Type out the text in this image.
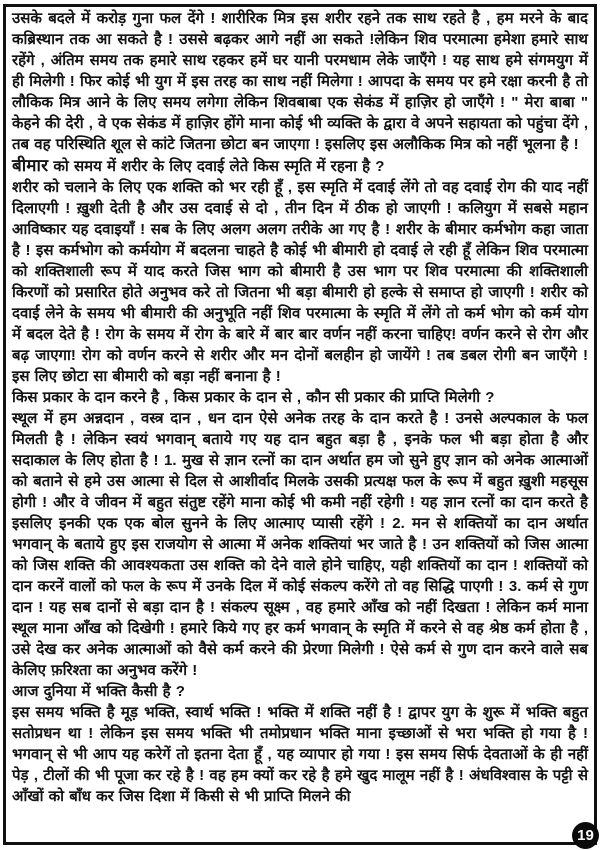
उसके बदले में करोड़ गुना फल देंगे ! शारीरिक मित्र इस शरीर रहने तक साथ रहते है , हम मरने के बाद कब्रिस्थान तक आ सकते है ! उससे बढ़कर आगे नहीं आ सकते !लेकिन शिव परमात्मा हमेशा हमारे साथ रहेंगे , अंतिम समय तक हमारे साथ रहकर हमें घर यानी परमधाम लेके जाएँगे ! यह साथ हमे संगमयुग में ही मिलेगी ! फिर कोई भी युग में इस तरह का साथ नहीं मिलेगा ! आपदा के समय पर हमे रक्षा करनी है तो लौकिक मित्र आने के लिए समय लगेगा लेकिन शिवबाबा एक सेकंड में हाज़िर हो जाएँगे ! " मेरा बाबा " केहने की देरी , वे एक सेकंड में हाज़िर होंगे माना कोई भी व्यक्ति के द्वारा वे अपने सहायता को पहुंचा देंगे , तब वह परिस्थिति शूल से कांटे जितना छोटा बन जाएगा ! इसलिए इस अलौकिक मित्र को नहीं भूलना है !

बीमार को समय में शरीर के लिए दवाई लेते किस स्मृति में रहना है ?

शरीर को चलाने के लिए एक शक्ति को भर रही हूँ , इस स्मृति में दवाई लेंगे तो वह दवाई रोग की याद नहीं दिलाएगी ! ख़ुशी देती है और उस दवाई से दो , तीन दिन में ठीक हो जाएगी ! कलियुग में सबसे महान आविष्कार यह दवाइयाँ ! सब के लिए अलग अलग तरीके आ गए है ! शरीर के बीमार कर्मभोग कहा जाता है ! इस कर्मभोग को कर्मयोग में बदलना चाहते है कोई भी बीमारी हो दवाई ले रही हूँ लेकिन शिव परमात्मा को शक्तिशाली रूप में याद करते जिस भाग को बीमारी है उस भाग पर शिव परमात्मा की शक्तिशाली किरणों को प्रसारित होते अनुभव करे तो जितना भी बड़ा बीमारी हो हल्के से समाप्त हो जाएगी ! शरीर को दवाई लेने के समय भी बीमारी की अनुभूति नहीं शिव परमात्मा के स्मृति में लेंगे तो कर्म भोग को कर्म योग में बदल देते है ! रोग के समय में रोग के बारे में बार बार वर्णन नहीं करना चाहिए! वर्णन करने से रोग और बढ़ जाएगा! रोग को वर्णन करने से शरीर और मन दोनों बलहीन हो जायेंगे ! तब डबल रोगी बन जाएँगे ! इस लिए छोटा सा बीमारी को बड़ा नहीं बनाना है !

किस प्रकार के दान करने है , किस प्रकार के दान से , कौन सी प्रकार की प्राप्ति मिलेगी ?

स्थूल में हम अन्नदान , वस्त्र दान , धन दान ऐसे अनेक तरह के दान करते है ! उनसे अल्पकाल के फल मिलती है ! लेकिन स्वयं भगवान् बताये गए यह दान बहुत बड़ा है , इनके फल भी बड़ा होता है और सदाकाल के लिए होता है ! 1. मुख से ज्ञान रत्नों का दान अर्थात हम जो सुने हुए ज्ञान को अनेक आत्माओं को बताने से हमे उस आत्मा से दिल से आशीर्वाद मिलके उसकी प्रत्यक्ष फल के रूप में बहुत ख़ुशी महसूस होगी ! और वे जीवन में बहुत संतुष्ट रहेंगे माना कोई भी कमी नहीं रहेगी ! यह ज्ञान रत्नों का दान करते है इसलिए इनकी एक एक बोल सुनने के लिए आत्माए प्यासी रहेंगे ! 2. मन से शक्तियों का दान अर्थात भगवान् के बताये हुए इस राजयोग से आत्मा में अनेक शक्तियां भर जाते है ! उन शक्तियों को जिस आत्मा को जिस शक्ति की आवश्यकता उस शक्ति को देने वाले होने चाहिए, यही शक्तियों का दान ! शक्तियों को दान करनें वालों को फल के रूप में उनके दिल में कोई संकल्प करेंगे तो वह सिद्धि पाएगी ! 3. कर्म से गुण दान ! यह सब दानों से बड़ा दान है ! संकल्प सूक्ष्म , वह हमारे आँख को नहीं दिखता ! लेकिन कर्म माना स्थूल माना आँख को दिखेगी ! हमारे किये गए हर कर्म भगवान् के स्मृति में करने से वह श्रेष्ठ कर्म होता है , उसे देख कर अनेक आत्माओं को वैसे कर्म करने की प्रेरणा मिलेगी ! ऐसे कर्म से गुण दान करने वाले सब केलिए फ़रिश्ता का अनुभव करेंगे !

आज दुनिया में भक्ति कैसी है ?

इस समय भक्ति है मूड़ भक्ति, स्वार्थ भक्ति ! भक्ति में शक्ति नहीं है ! द्वापर युग के शुरू में भक्ति बहुत सतोप्रधन था ! लेकिन इस समय भक्ति भी तमोप्रधान भक्ति माना इच्छाओं से भरा भक्ति हो गया है ! भगवान् से भी आप यह करेगें तो इतना देता हूँ , यह व्यापार हो गया ! इस समय सिर्फ देवताओं के ही नहीं पेड़ , टीलों की भी पूजा कर रहे है ! वह हम क्यों कर रहे है हमे खुद मालूम नहीं है ! अंधविश्वास के पट्टी से आँखों को बाँध कर जिस दिशा में किसी से भी प्राप्ति मिलने की

19
